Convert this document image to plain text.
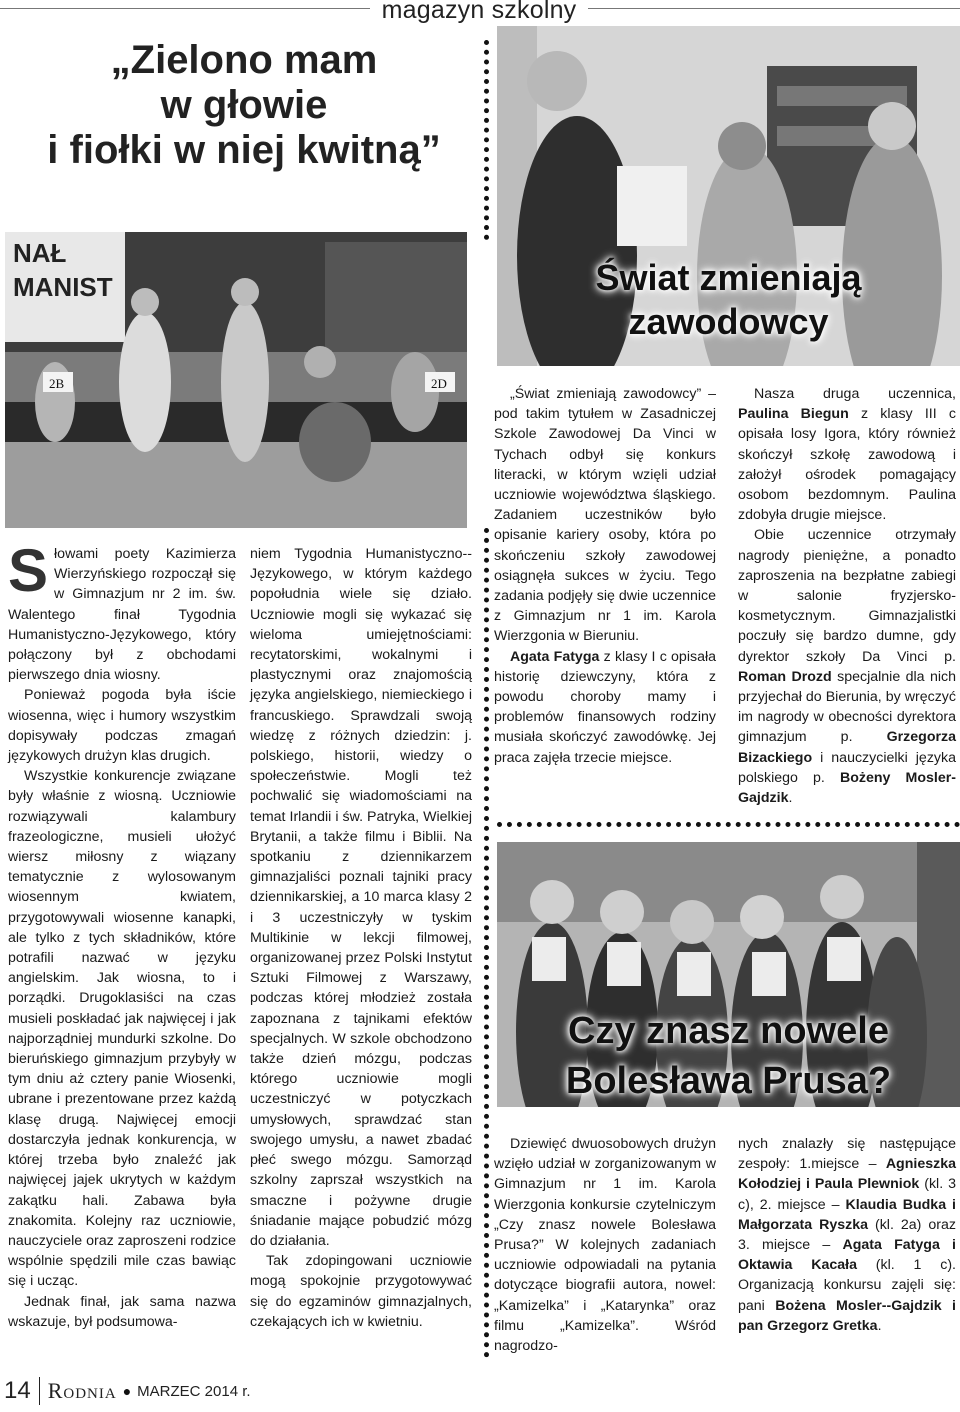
magazyn szkolny
„Zielono mam
w głowie
i fiołki w niej kwitną”
NAŁ
MANIST
2B	2D
Świat zmieniają
zawodowcy

Słowami poety Kazimierza Wierzyńskiego rozpoczął się w Gimnazjum nr 2 im. św. Walentego finał Tygodnia Humanistyczno-Językowego, który połączony był z obchodami pierwszego dnia wiosny.

Ponieważ pogoda była iście wiosenna, więc i humory wszystkim dopisywały podczas zmagań językowych drużyn klas drugich.

Wszystkie konkurencje związane były właśnie z wiosną. Uczniowie rozwiązywali kalambury frazeologiczne, musieli ułożyć wiersz miłosny z wiązany tematycznie z wylosowanym wiosennym kwiatem, przygotowywali wiosenne kanapki, ale tylko z tych składników, które potrafili nazwać w języku angielskim. Jak wiosna, to i porządki. Drugoklasiści na czas musieli poskładać jak najwięcej i jak najporządniej mundurki szkolne. Do bieruńskiego gimnazjum przybyły w tym dniu aż cztery panie Wiosenki, ubrane i prezentowane przez każdą klasę drugą. Najwięcej emocji dostarczyła jednak konkurencja, w której trzeba było znaleźć jak najwięcej jajek ukrytych w każdym zakątku hali. Zabawa była znakomita. Kolejny raz uczniowie, nauczyciele oraz zaproszeni rodzice wspólnie spędzili mile czas bawiąc się i ucząc.

Jednak finał, jak sama nazwa wskazuje, był podsumowa-

niem Tygodnia Humanistyczno--Językowego, w którym każdego popołudnia wiele się działo. Uczniowie mogli się wykazać się wieloma umiejętnościami: recytatorskimi, wokalnymi i plastycznymi oraz znajomością języka angielskiego, niemieckiego i francuskiego. Sprawdzali swoją wiedzę z różnych dziedzin: j. polskiego, historii, wiedzy o społeczeństwie. Mogli też pochwalić się wiadomościami na temat Irlandii i św. Patryka, Wielkiej Brytanii, a także filmu i Biblii. Na spotkaniu z dziennikarzem gimnazjaliści poznali tajniki pracy dziennikarskiej, a 10 marca klasy 2 i 3 uczestniczyły w tyskim Multikinie w lekcji filmowej, organizowanej przez Polski Instytut Sztuki Filmowej z Warszawy, podczas której młodzież została zapoznana z tajnikami efektów specjalnych. W szkole obchodzono także dzień mózgu, podczas którego uczniowie mogli uczestniczyć w potyczkach umysłowych, sprawdzać stan swojego umysłu, a nawet zbadać płeć swego mózgu. Samorząd szkolny zaprszał wszystkich na smaczne i pożywne drugie śniadanie mające pobudzić mózg do działania.

Tak zdopingowani uczniowie mogą spokojnie przygotowywać się do egzaminów gimnazjalnych, czekających ich w kwietniu.

„Świat zmieniają zawodowcy” – pod takim tytułem w Zasadniczej Szkole Zawodowej Da Vinci w Tychach odbył się konkurs literacki, w którym wzięli udział uczniowie województwa śląskiego. Zadaniem uczestników było opisanie kariery osoby, która po skończeniu szkoły zawodowej osiągnęła sukces w życiu. Tego zadania podjęły się dwie uczennice z Gimnazjum nr 1 im. Karola Wierzgonia w Bieruniu.

Agata Fatyga z klasy I c opisała historię dziewczyny, która z powodu choroby mamy i problemów finansowych rodziny musiała skończyć zawodówkę. Jej praca zajęła trzecie miejsce.

Nasza druga uczennica, Paulina Biegun z klasy III c opisała losy Igora, który również skończył szkołę zawodową i założył ośrodek pomagający osobom bezdomnym. Paulina zdobyła drugie miejsce.

Obie uczennice otrzymały nagrody pieniężne, a ponadto zaproszenia na bezpłatne zabiegi w salonie fryzjersko-kosmetycznym. Gimnazjalistki poczuły się bardzo dumne, gdy dyrektor szkoły Da Vinci p. Roman Drozd specjalnie dla nich przyjechał do Bierunia, by wręczyć im nagrody w obecności dyrektora gimnazjum p. Grzegorza Bizackiego i nauczycielki języka polskiego p. Bożeny Mosler-Gajdzik.

Czy znasz nowele
Bolesława Prusa?

Dziewięć dwuosobowych drużyn wzięło udział w zorganizowanym w Gimnazjum nr 1 im. Karola Wierzgonia konkursie czytelniczym „Czy znasz nowele Bolesława Prusa?” W kolejnych zadaniach uczniowie odpowiadali na pytania dotyczące biografii autora, nowel: „Kamizelka” i „Katarynka” oraz filmu „Kamizelka”. Wśród nagrodzo-

nych znalazły się następujące zespoły: 1.miejsce – Agnieszka Kołodziej i Paula Plewniok (kl. 3 c), 2. miejsce – Klaudia Budka i Małgorzata Ryszka (kl. 2a) oraz 3. miejsce – Agata Fatyga i Oktawia Kacała (kl. 1 c). Organizacją konkursu zajęli się: pani Bożena Mosler--Gajdzik i pan Grzegorz Gretka.

14 Rodnia ● MARZEC 2014 r.
